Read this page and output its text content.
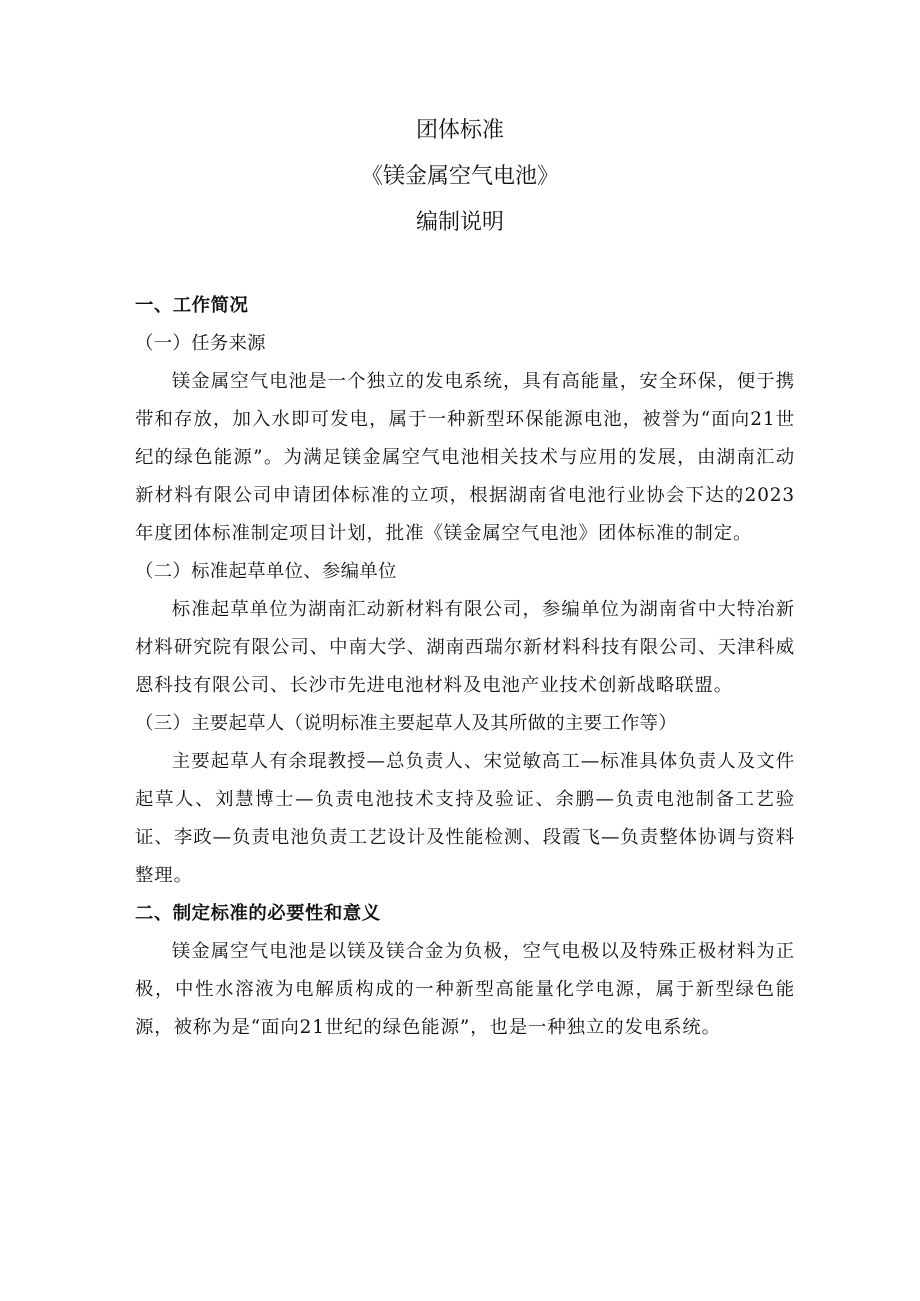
团体标准
《镁金属空气电池》
编制说明
一、工作简况
（一）任务来源

镁金属空气电池是一个独立的发电系统，具有高能量，安全环保，便于携带和存放，加入水即可发电，属于一种新型环保能源电池，被誉为“面向21世纪的绿色能源”。为满足镁金属空气电池相关技术与应用的发展，由湖南汇动新材料有限公司申请团体标准的立项，根据湖南省电池行业协会下达的2023年度团体标准制定项目计划，批准《镁金属空气电池》团体标准的制定。

（二）标准起草单位、参编单位

标准起草单位为湖南汇动新材料有限公司，参编单位为湖南省中大特冶新材料研究院有限公司、中南大学、湖南西瑞尔新材料科技有限公司、天津科威恩科技有限公司、长沙市先进电池材料及电池产业技术创新战略联盟。

（三）主要起草人（说明标准主要起草人及其所做的主要工作等）

主要起草人有余琨教授—总负责人、宋觉敏高工—标准具体负责人及文件起草人、刘慧博士—负责电池技术支持及验证、余鹏—负责电池制备工艺验证、李政—负责电池负责工艺设计及性能检测、段霞飞—负责整体协调与资料整理。

二、制定标准的必要性和意义

镁金属空气电池是以镁及镁合金为负极，空气电极以及特殊正极材料为正极，中性水溶液为电解质构成的一种新型高能量化学电源，属于新型绿色能源，被称为是“面向21世纪的绿色能源”，也是一种独立的发电系统。
